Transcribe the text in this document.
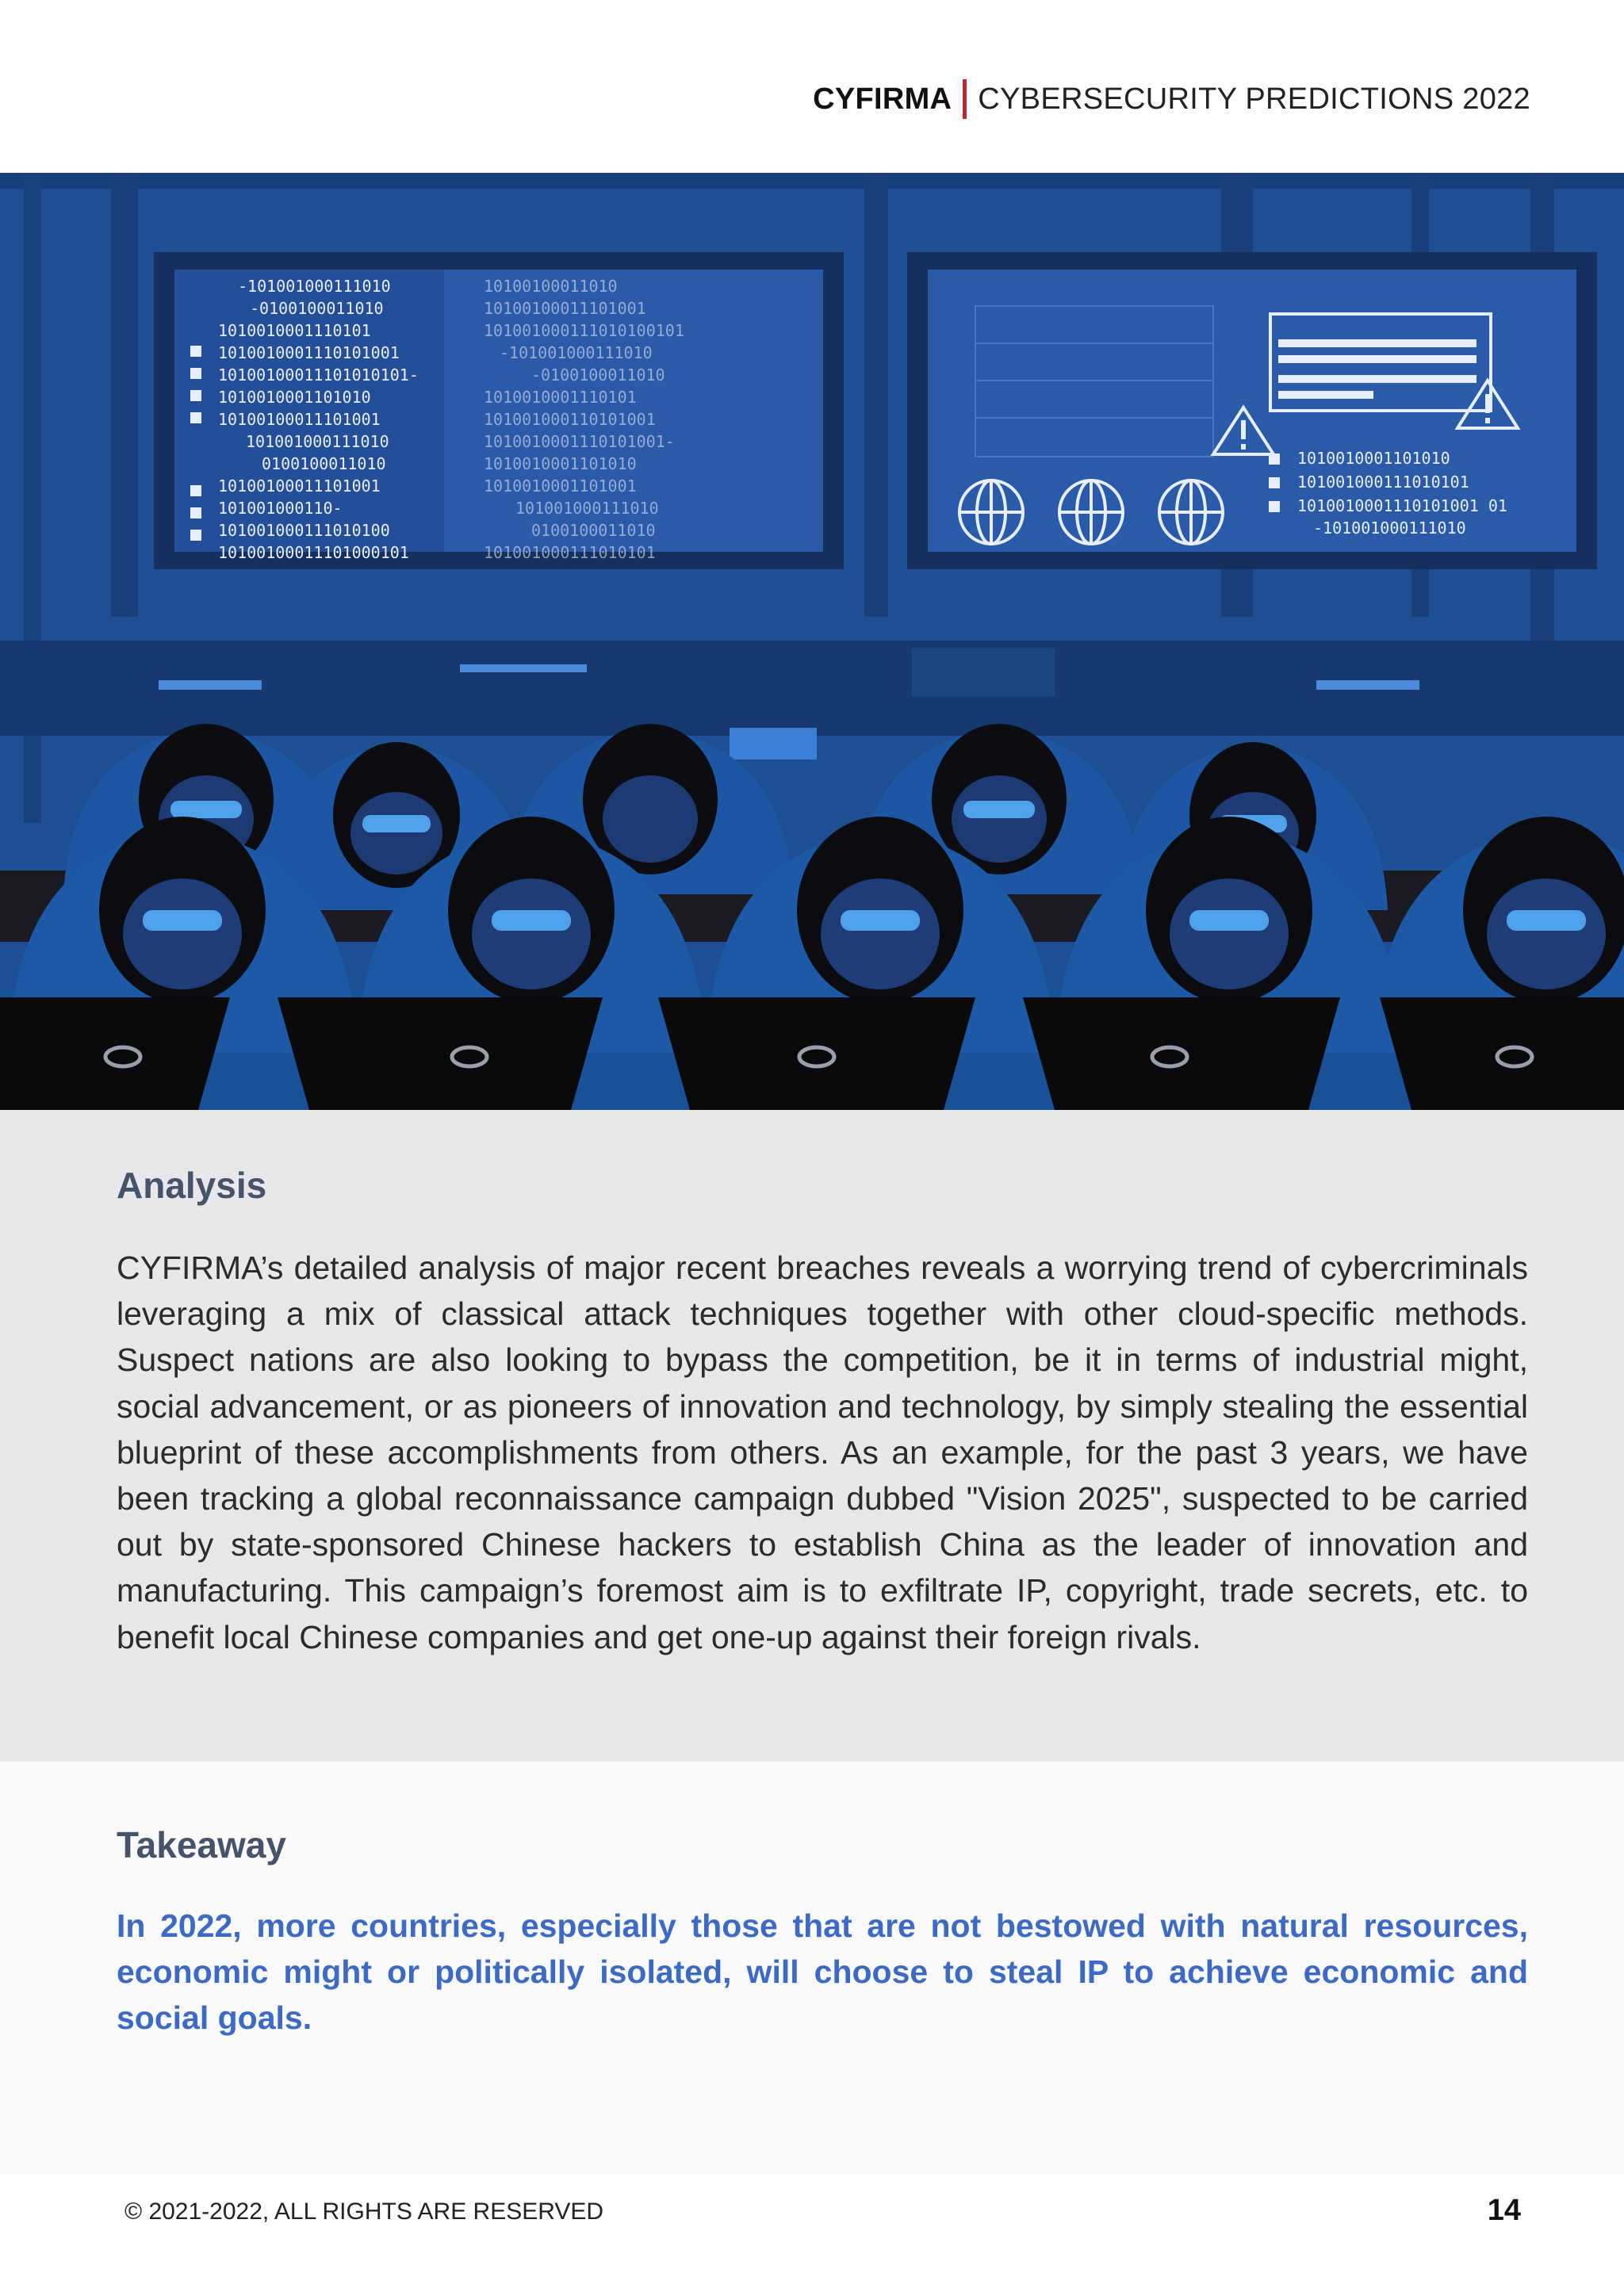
CYFIRMA CYBERSECURITY PREDICTIONS 2022
-101001000111010
-0100100011010
1010010001110101
1010010001110101001
10100100011101010101-
1010010001101010
10100100011101001
101001000111010
0100100011010
10100100011101001
101001000110-
101001000111010100
10100100011101000101
10100100011010
10100100011101001
101001000111010100101
-101001000111010
-0100100011010
1010010001110101
101001000110101001
1010010001110101001-
1010010001101010
1010010001101001
101001000111010
0100100011010
101001000111010101
1010010001101010
101001000111010101
1010010001110101001 01
-101001000111010
Analysis

CYFIRMA’s detailed analysis of major recent breaches reveals a worrying trend of cybercriminals leveraging a mix of classical attack techniques together with other cloud-specific methods. Suspect nations are also looking to bypass the competition, be it in terms of industrial might, social advancement, or as pioneers of innovation and technology, by simply stealing the essential blueprint of these accomplishments from others. As an example, for the past 3 years, we have been tracking a global reconnaissance campaign dubbed "Vision 2025", suspected to be carried out by state-sponsored Chinese hackers to establish China as the leader of innovation and manufacturing. This campaign’s foremost aim is to exfiltrate IP, copyright, trade secrets, etc. to benefit local Chinese companies and get one-up against their foreign rivals.

Takeaway

In 2022, more countries, especially those that are not bestowed with natural resources, economic might or politically isolated, will choose to steal IP to achieve economic and social goals.

© 2021-2022, ALL RIGHTS ARE RESERVED	14
